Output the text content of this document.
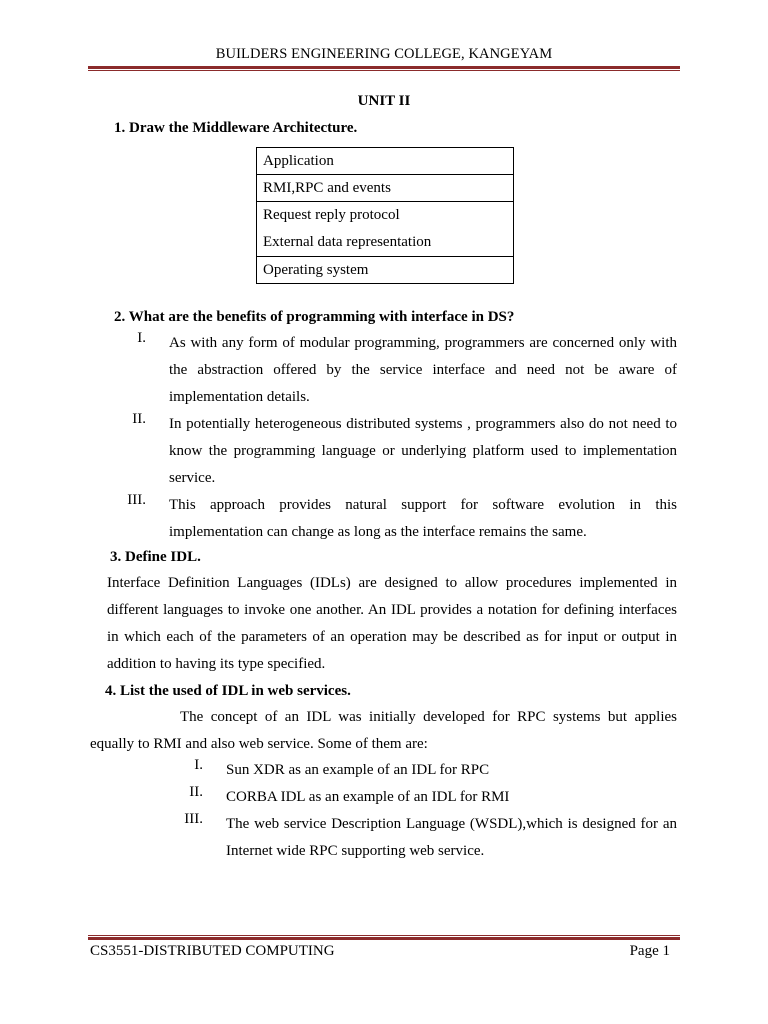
BUILDERS ENGINEERING COLLEGE, KANGEYAM
UNIT II
1. Draw the Middleware Architecture.
Application
RMI,RPC and events

Request reply protocol
External data representation

Operating system
2. What are the benefits of programming with interface in DS?
I. As with any form of modular programming, programmers are concerned only with the abstraction offered by the service interface and need not be aware of implementation details.
II. In potentially heterogeneous distributed systems , programmers also do not need to know the programming language or underlying platform used to implementation service.
III. This approach provides natural support for software evolution in this implementation can change as long as the interface remains the same.
3. Define IDL.
Interface Definition Languages (IDLs) are designed to allow procedures implemented in different languages to invoke one another. An IDL provides a notation for defining interfaces in which each of the parameters of an operation may be described as for input or output in addition to having its type specified.
4. List the used of IDL in web services.
The concept of an IDL was initially developed for RPC systems but applies equally to RMI and also web service. Some of them are:
I. Sun XDR as an example of an IDL for RPC
II. CORBA IDL as an example of an IDL for RMI
III. The web service Description Language (WSDL),which is designed for an Internet wide RPC supporting web service.
CS3551-DISTRIBUTED COMPUTING	Page 1
